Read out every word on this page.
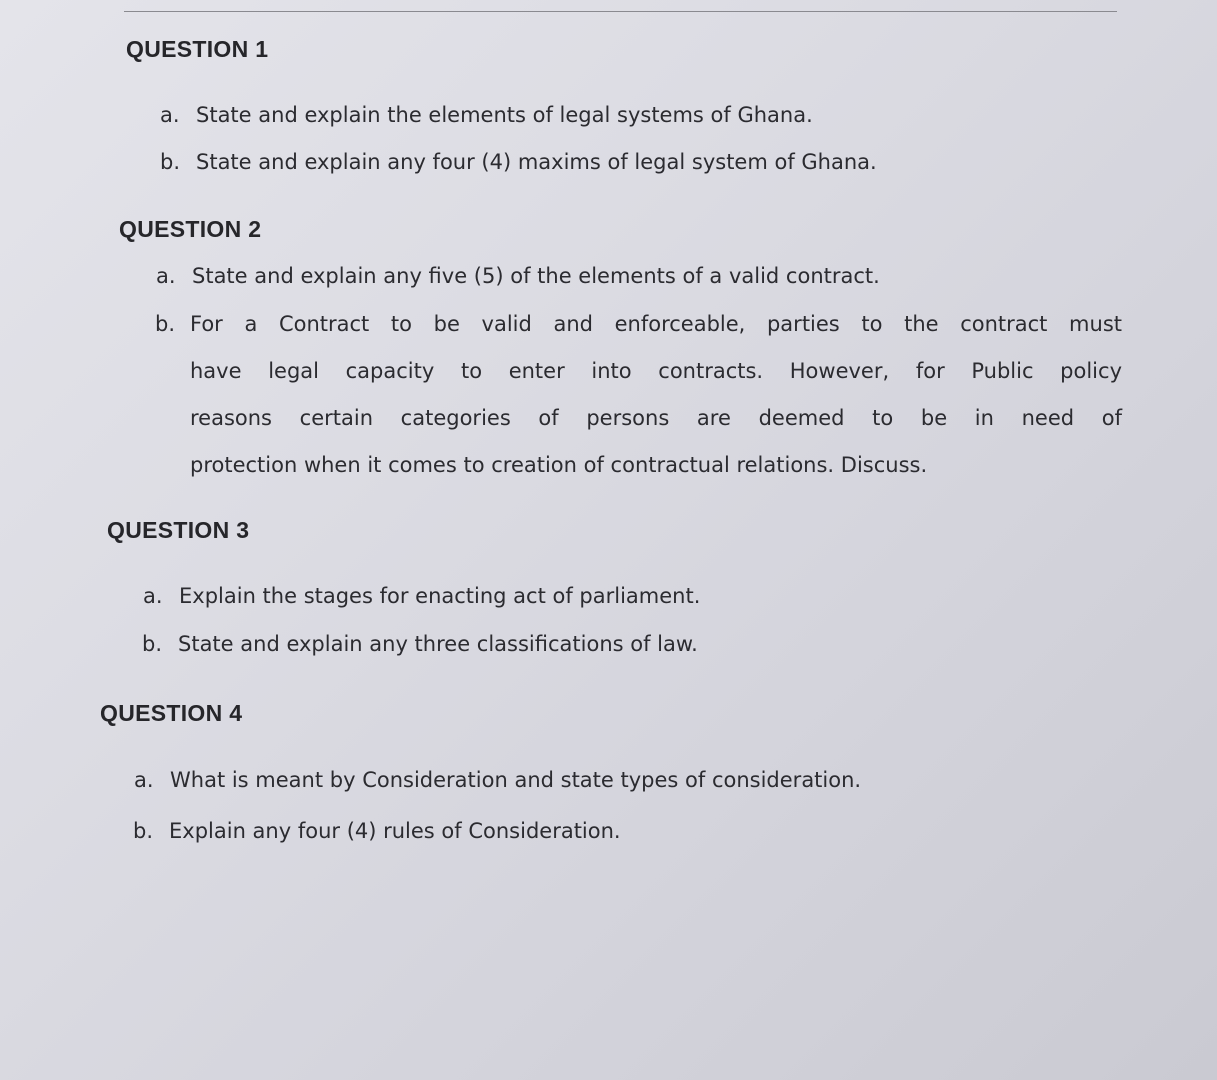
QUESTION 1
a. State and explain the elements of legal systems of Ghana.
b. State and explain any four (4) maxims of legal system of Ghana.
QUESTION 2
a. State and explain any five (5) of the elements of a valid contract.
b. For a Contract to be valid and enforceable, parties to the contract must
have legal capacity to enter into contracts. However, for Public policy
reasons certain categories of persons are deemed to be in need of
protection when it comes to creation of contractual relations. Discuss.
QUESTION 3
a. Explain the stages for enacting act of parliament.
b. State and explain any three classifications of law.
QUESTION 4
a. What is meant by Consideration and state types of consideration.
b. Explain any four (4) rules of Consideration.
